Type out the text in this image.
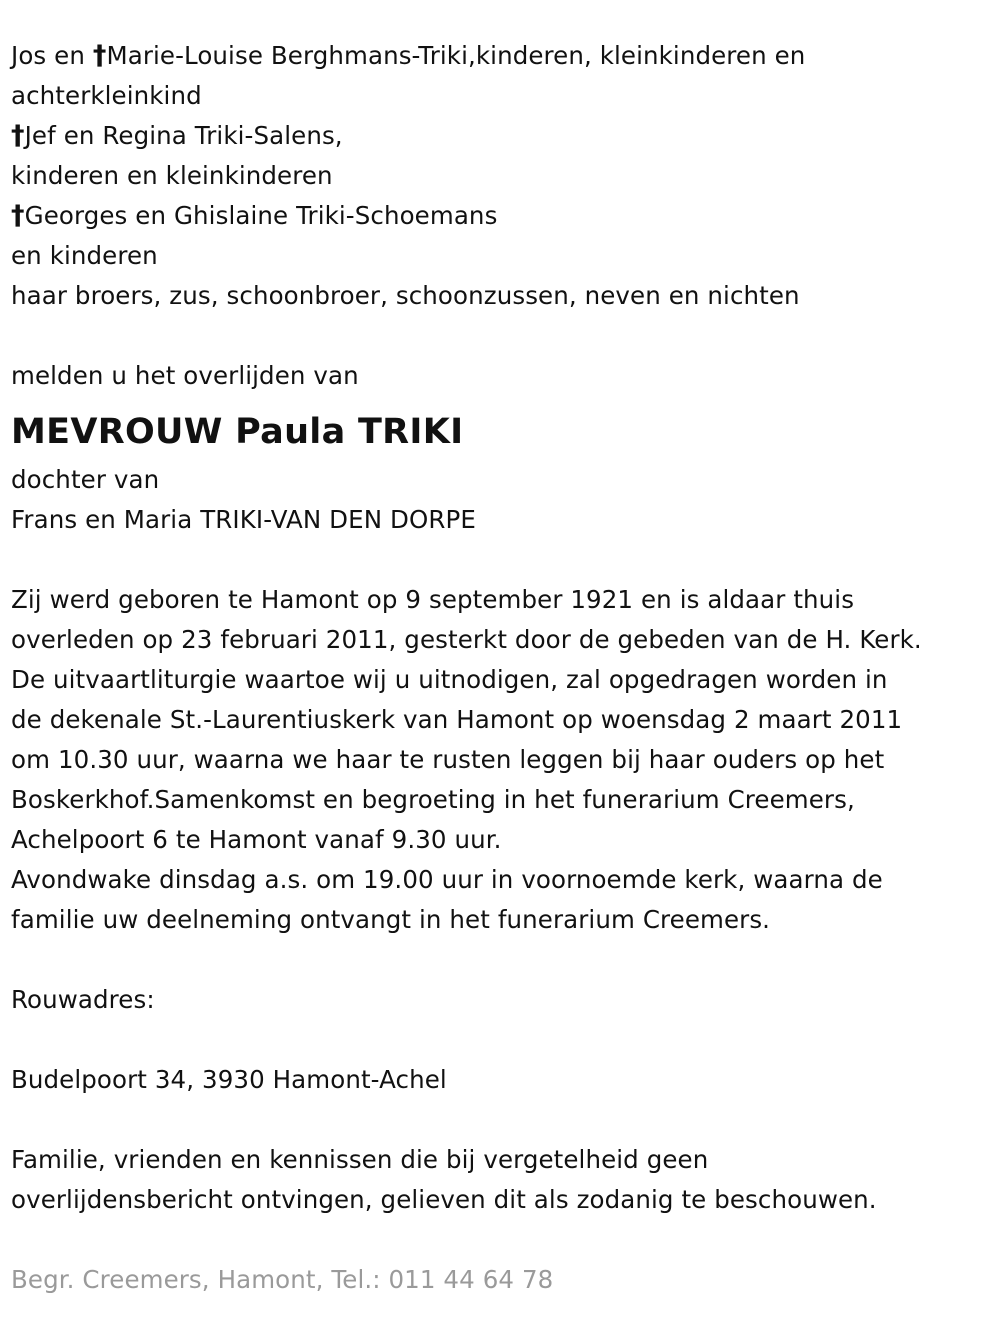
Jos en †Marie-Louise Berghmans-Triki,kinderen, kleinkinderen en
achterkleinkind
†Jef en Regina Triki-Salens,
kinderen en kleinkinderen
†Georges en Ghislaine Triki-Schoemans
en kinderen
haar broers, zus, schoonbroer, schoonzussen, neven en nichten
melden u het overlijden van
MEVROUW Paula TRIKI
dochter van
Frans en Maria TRIKI-VAN DEN DORPE
Zij werd geboren te Hamont op 9 september 1921 en is aldaar thuis
overleden op 23 februari 2011, gesterkt door de gebeden van de H. Kerk.
De uitvaartliturgie waartoe wij u uitnodigen, zal opgedragen worden in
de dekenale St.-Laurentiuskerk van Hamont op woensdag 2 maart 2011
om 10.30 uur, waarna we haar te rusten leggen bij haar ouders op het
Boskerkhof.Samenkomst en begroeting in het funerarium Creemers,
Achelpoort 6 te Hamont vanaf 9.30 uur.
Avondwake dinsdag a.s. om 19.00 uur in voornoemde kerk, waarna de
familie uw deelneming ontvangt in het funerarium Creemers.
Rouwadres:
Budelpoort 34, 3930 Hamont-Achel
Familie, vrienden en kennissen die bij vergetelheid geen
overlijdensbericht ontvingen, gelieven dit als zodanig te beschouwen.
Begr. Creemers, Hamont, Tel.: 011 44 64 78
